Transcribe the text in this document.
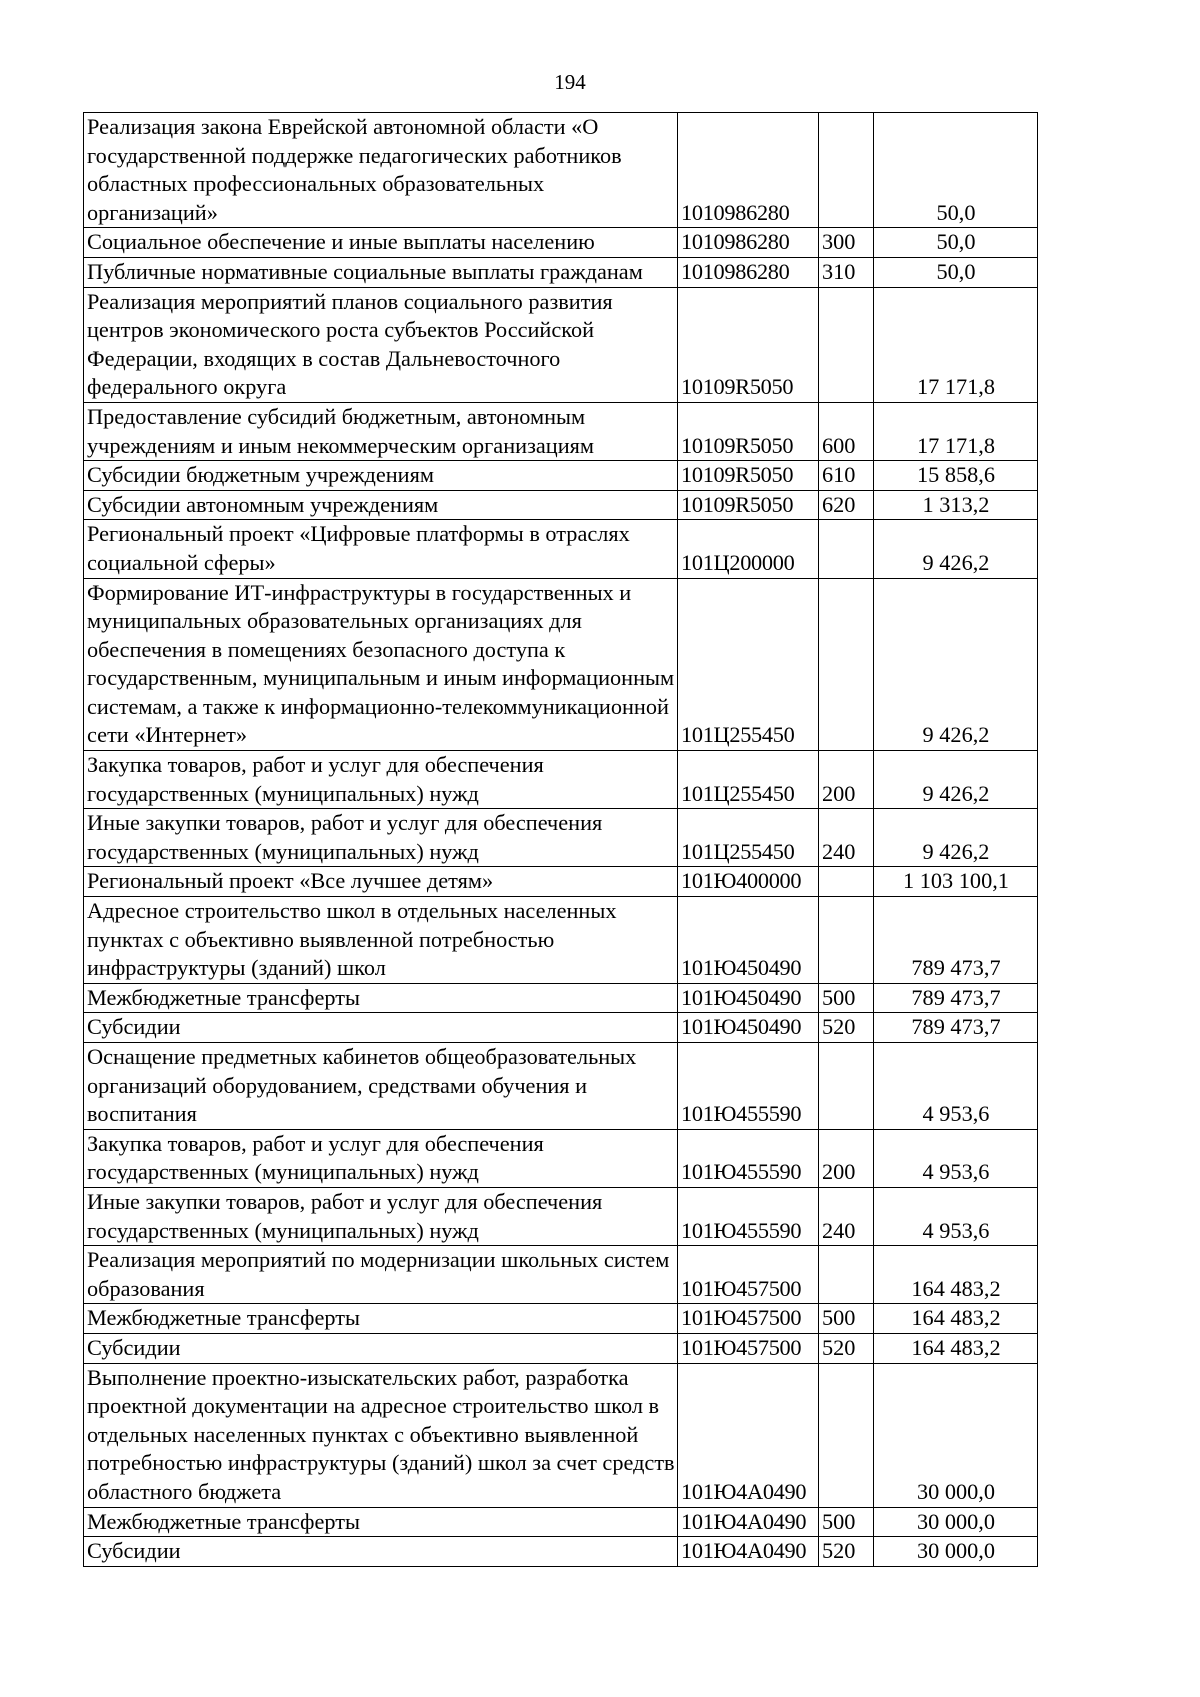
194
Реализация закона Еврейской автономной области «О государственной поддержке педагогических работников областных профессиональных образовательных организаций»	1010986280		50,0
Социальное обеспечение и иные выплаты населению	1010986280	300	50,0
Публичные нормативные социальные выплаты гражданам	1010986280	310	50,0
Реализация мероприятий планов социального развития центров экономического роста субъектов Российской Федерации, входящих в состав Дальневосточного федерального округа	10109R5050		17 171,8
Предоставление субсидий бюджетным, автономным учреждениям и иным некоммерческим организациям	10109R5050	600	17 171,8
Субсидии бюджетным учреждениям	10109R5050	610	15 858,6
Субсидии автономным учреждениям	10109R5050	620	1 313,2
Региональный проект «Цифровые платформы в отраслях социальной сферы»	101Ц200000		9 426,2
Формирование ИТ-инфраструктуры в государственных и муниципальных образовательных организациях для обеспечения в помещениях безопасного доступа к государственным, муниципальным и иным информационным системам, а также к информационно-телекоммуникационной сети «Интернет»	101Ц255450		9 426,2
Закупка товаров, работ и услуг для обеспечения государственных (муниципальных) нужд	101Ц255450	200	9 426,2
Иные закупки товаров, работ и услуг для обеспечения государственных (муниципальных) нужд	101Ц255450	240	9 426,2
Региональный проект «Все лучшее детям»	101Ю400000		1 103 100,1
Адресное строительство школ в отдельных населенных пунктах с объективно выявленной потребностью инфраструктуры (зданий) школ	101Ю450490		789 473,7
Межбюджетные трансферты	101Ю450490	500	789 473,7
Субсидии	101Ю450490	520	789 473,7
Оснащение предметных кабинетов общеобразовательных организаций оборудованием, средствами обучения и воспитания	101Ю455590		4 953,6
Закупка товаров, работ и услуг для обеспечения государственных (муниципальных) нужд	101Ю455590	200	4 953,6
Иные закупки товаров, работ и услуг для обеспечения государственных (муниципальных) нужд	101Ю455590	240	4 953,6
Реализация мероприятий по модернизации школьных систем образования	101Ю457500		164 483,2
Межбюджетные трансферты	101Ю457500	500	164 483,2
Субсидии	101Ю457500	520	164 483,2
Выполнение проектно-изыскательских работ, разработка проектной документации на адресное строительство школ в отдельных населенных пунктах с объективно выявленной потребностью инфраструктуры (зданий) школ за счет средств областного бюджета	101Ю4А0490		30 000,0
Межбюджетные трансферты	101Ю4А0490	500	30 000,0
Субсидии	101Ю4А0490	520	30 000,0
